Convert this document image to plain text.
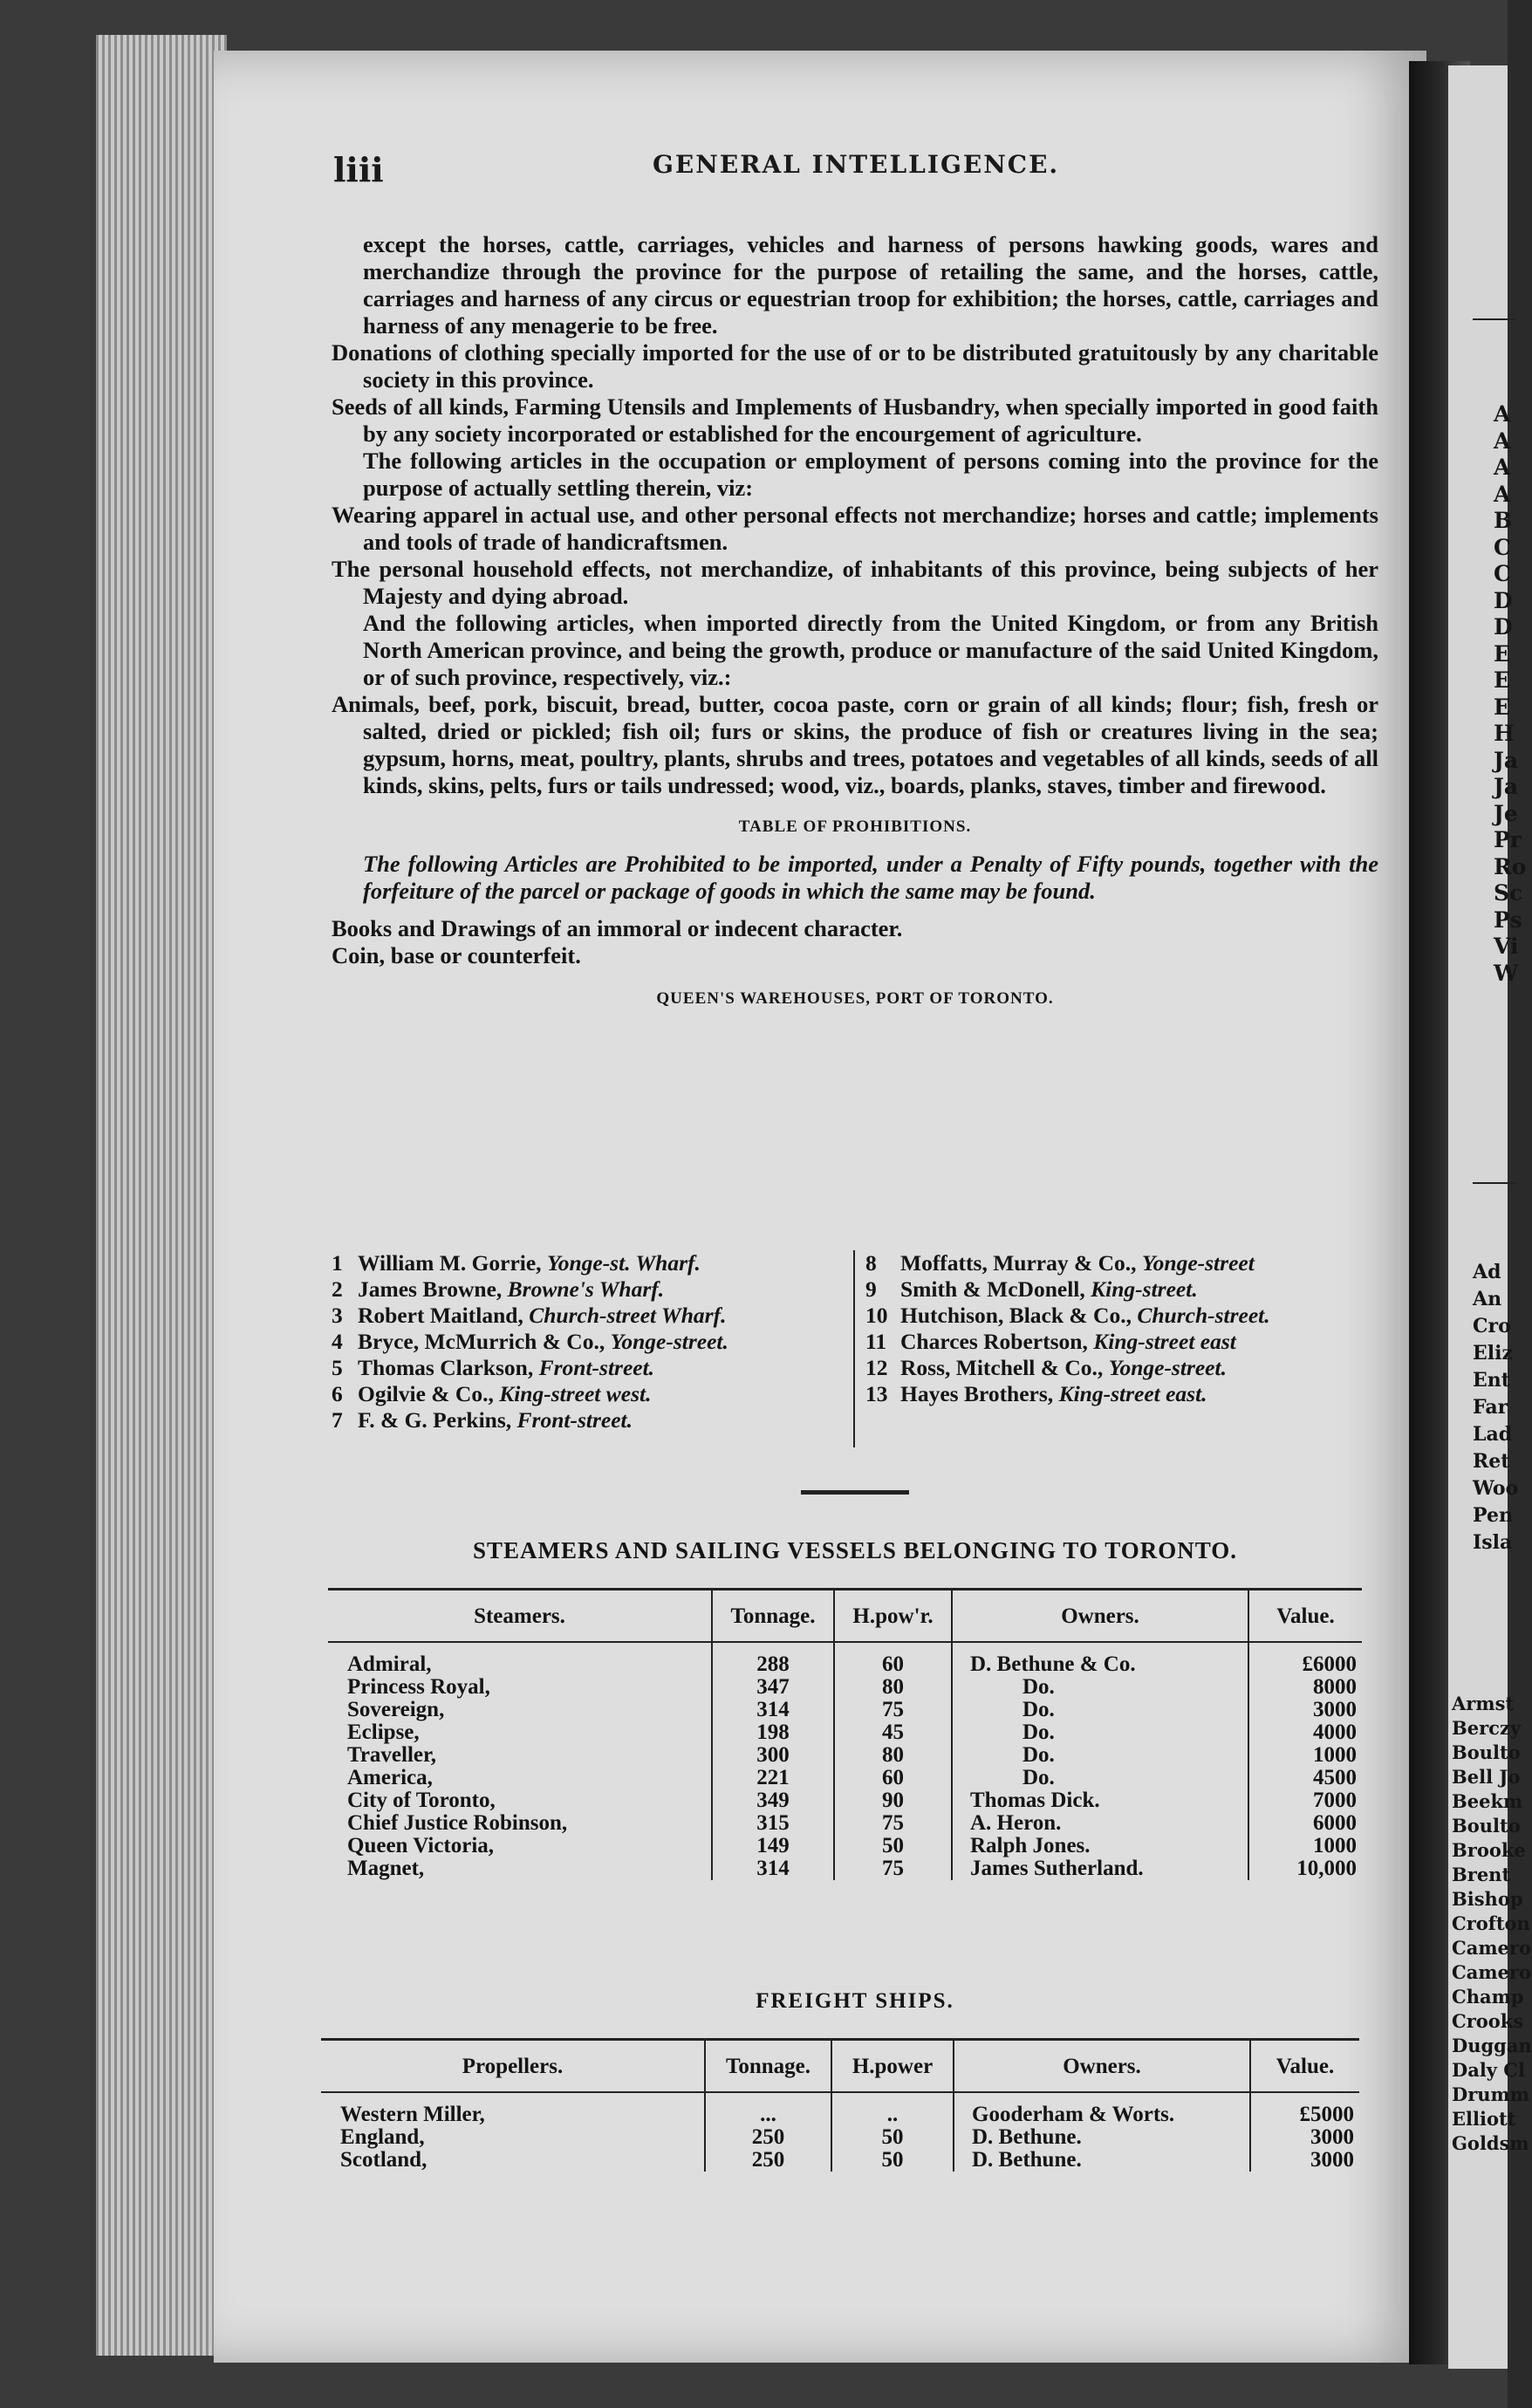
A
A
A
A
B
C
C
D
D
E
E
E
H
Ja
Ja
Je
Pr
Ro
Sc
Ps
Vi
W
Ad
An
Cro
Eliz
Ent
Far
Lad
Ret
Woo
Pen
Isla
Armst
Berczy
Boulto
Bell Jo
Beekm
Boulto
Brooke
Brent
Bishop
Crofton
Camero
Camero
Champ
Crooks
Duggan
Daly Cl
Drumm
Elliott
Goldsm
liii	GENERAL INTELLIGENCE.

except the horses, cattle, carriages, vehicles and harness of persons hawking goods, wares and merchandize through the province for the purpose of retailing the same, and the horses, cattle, carriages and harness of any circus or equestrian troop for exhibition; the horses, cattle, carriages and harness of any menagerie to be free.

Donations of clothing specially imported for the use of or to be distributed gratuitously by any charitable society in this province.

Seeds of all kinds, Farming Utensils and Implements of Husbandry, when specially imported in good faith by any society incorporated or established for the encourgement of agriculture.

The following articles in the occupation or employment of persons coming into the province for the purpose of actually settling therein, viz:

Wearing apparel in actual use, and other personal effects not merchandize; horses and cattle; implements and tools of trade of handicraftsmen.

The personal household effects, not merchandize, of inhabitants of this province, being subjects of her Majesty and dying abroad.

And the following articles, when imported directly from the United Kingdom, or from any British North American province, and being the growth, produce or manufacture of the said United Kingdom, or of such province, respectively, viz.:

Animals, beef, pork, biscuit, bread, butter, cocoa paste, corn or grain of all kinds; flour; fish, fresh or salted, dried or pickled; fish oil; furs or skins, the produce of fish or creatures living in the sea; gypsum, horns, meat, poultry, plants, shrubs and trees, potatoes and vegetables of all kinds, seeds of all kinds, skins, pelts, furs or tails undressed; wood, viz., boards, planks, staves, timber and firewood.

TABLE OF PROHIBITIONS.

The following Articles are Prohibited to be imported, under a Penalty of Fifty pounds, together with the forfeiture of the parcel or package of goods in which the same may be found.

Books and Drawings of an immoral or indecent character.
Coin, base or counterfeit.
QUEEN'S WAREHOUSES, PORT OF TORONTO.
1 William M. Gorrie, Yonge-st. Wharf.
2 James Browne, Browne's Wharf.
3 Robert Maitland, Church-street Wharf.
4 Bryce, McMurrich & Co., Yonge-street.
5 Thomas Clarkson, Front-street.
6 Ogilvie & Co., King-street west.
7 F. & G. Perkins, Front-street.
8 Moffatts, Murray & Co., Yonge-street
9 Smith & McDonell, King-street.
10 Hutchison, Black & Co., Church-street.
11 Charces Robertson, King-street east
12 Ross, Mitchell & Co., Yonge-street.
13 Hayes Brothers, King-street east.
STEAMERS AND SAILING VESSELS BELONGING TO TORONTO.
Steamers.	Tonnage.	H.pow'r.	Owners.	Value.
Admiral,	288	60	D. Bethune & Co.	£6000
Princess Royal,	347	80	Do.	8000
Sovereign,	314	75	Do.	3000
Eclipse,	198	45	Do.	4000
Traveller,	300	80	Do.	1000
America,	221	60	Do.	4500
City of Toronto,	349	90	Thomas Dick.	7000
Chief Justice Robinson,	315	75	A. Heron.	6000
Queen Victoria,	149	50	Ralph Jones.	1000
Magnet,	314	75	James Sutherland.	10,000
FREIGHT SHIPS.
Propellers.	Tonnage.	H.power	Owners.	Value.
Western Miller,	...	..	Gooderham & Worts.	£5000
England,	250	50	D. Bethune.	3000
Scotland,	250	50	D. Bethune.	3000
